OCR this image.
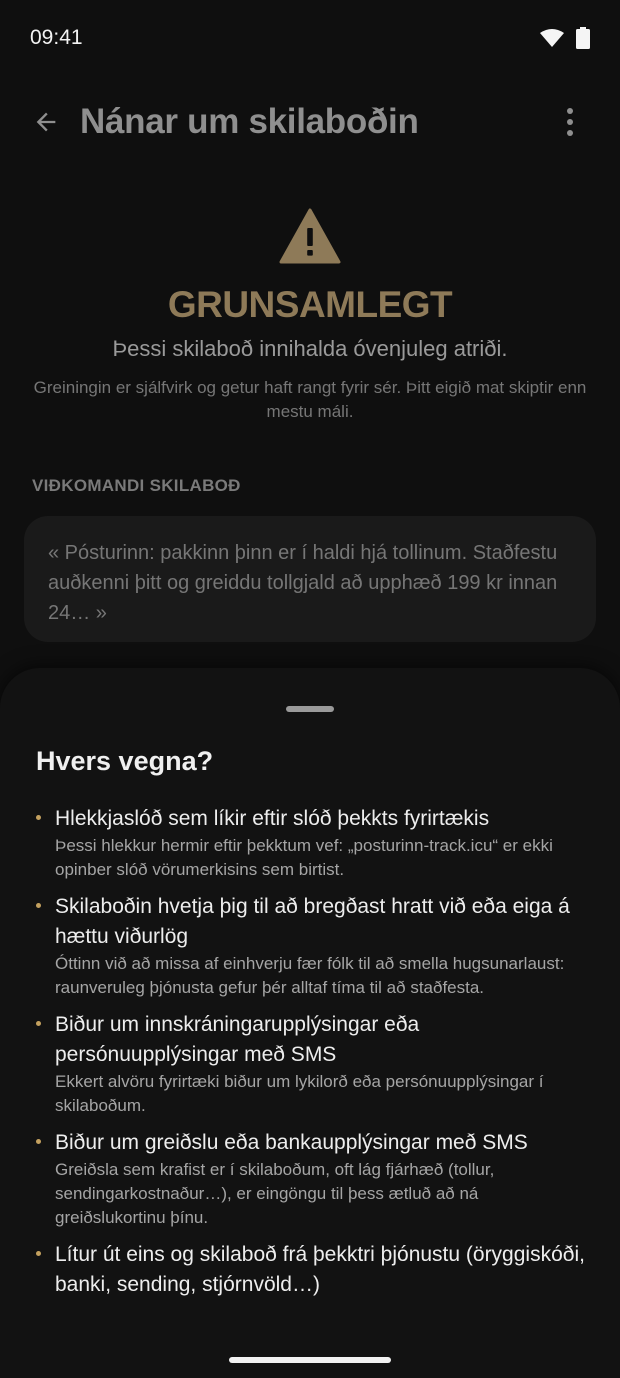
09:41
Nánar um skilaboðin
GRUNSAMLEGT
Þessi skilaboð innihalda óvenjuleg atriði.
Greiningin er sjálfvirk og getur haft rangt fyrir sér. Þitt eigið mat skiptir enn mestu máli.
VIÐKOMANDI SKILABOÐ
« Pósturinn: pakkinn þinn er í haldi hjá tollinum. Staðfestu auðkenni þitt og greiddu tollgjald að upphæð 199 kr innan 24… »
Hvers vegna?
Hlekkjaslóð sem líkir eftir slóð þekkts fyrirtækis
Þessi hlekkur hermir eftir þekktum vef: „posturinn-track.icu“ er ekki opinber slóð vörumerkisins sem birtist.
Skilaboðin hvetja þig til að bregðast hratt við eða eiga á hættu viðurlög
Óttinn við að missa af einhverju fær fólk til að smella hugsunarlaust: raunveruleg þjónusta gefur þér alltaf tíma til að staðfesta.
Biður um innskráningarupplýsingar eða persónuupplýsingar með SMS
Ekkert alvöru fyrirtæki biður um lykilorð eða persónuupplýsingar í skilaboðum.
Biður um greiðslu eða bankaupplýsingar með SMS
Greiðsla sem krafist er í skilaboðum, oft lág fjárhæð (tollur, sendingarkostnaður…), er eingöngu til þess ætluð að ná greiðslukortinu þínu.
Lítur út eins og skilaboð frá þekktri þjónustu (öryggiskóði, banki, sending, stjórnvöld…)
